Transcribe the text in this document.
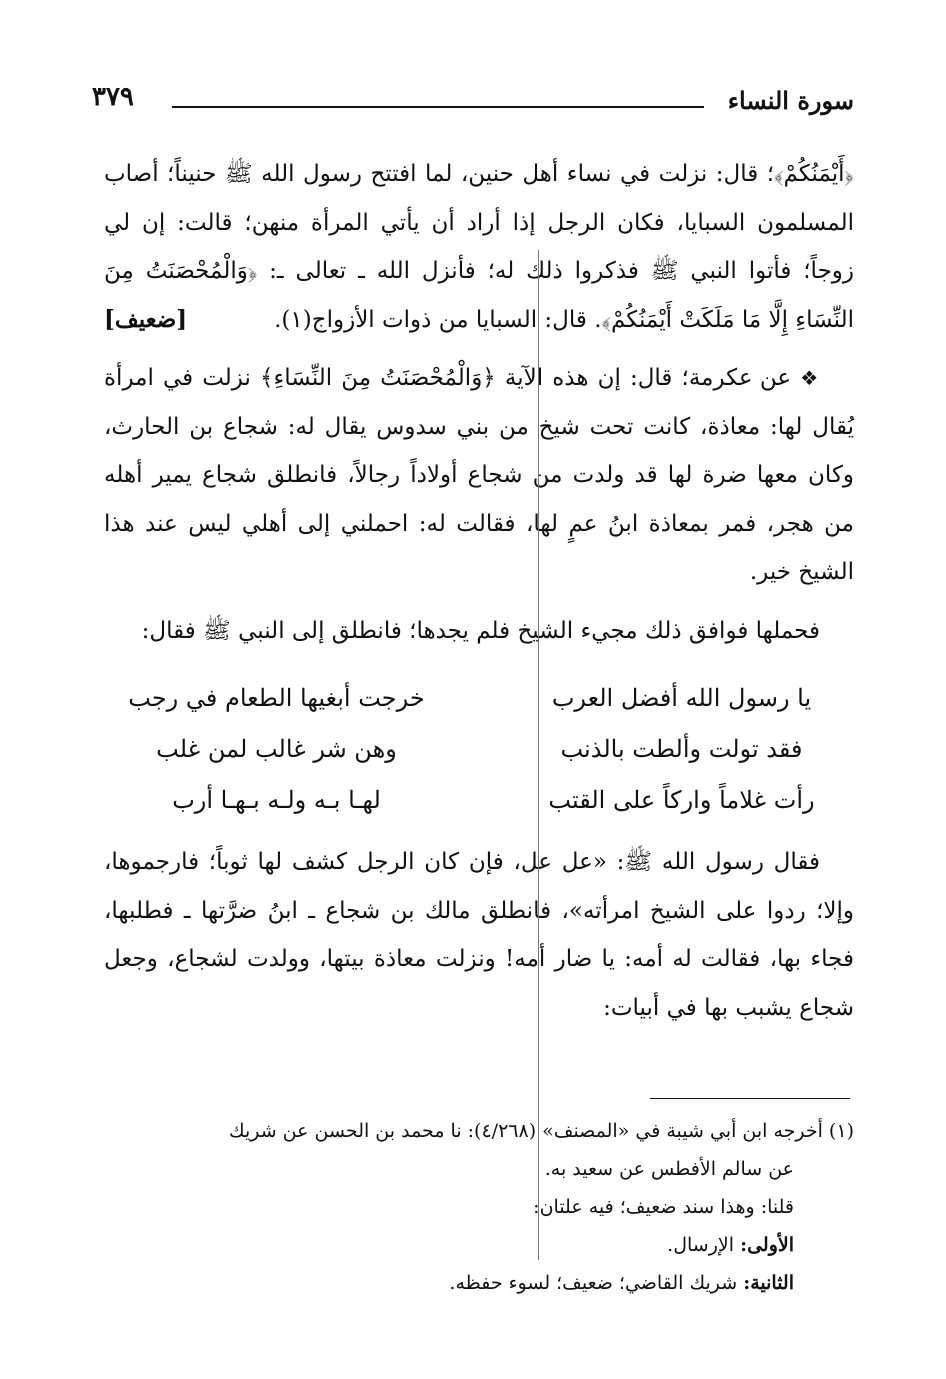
سورة النساء
٣٧٩

﴿أَيْمَنُكُمْ﴾؛ قال: نزلت في نساء أهل حنين، لما افتتح رسول الله ﷺ حنيناً؛ أصاب المسلمون السبايا، فكان الرجل إذا أراد أن يأتي المرأة منهن؛ قالت: إن لي زوجاً؛ فأتوا النبي ﷺ فذكروا ذلك له؛ فأنزل الله ـ تعالى ـ: ﴿وَالْمُحْصَنَتُ مِنَ النِّسَاءِ إِلَّا مَا مَلَكَتْ أَيْمَنُكُمْ﴾. قال: السبايا من ذوات الأزواج(١).
[ضعيف]

❖ عن عكرمة؛ قال: إن هذه الآية ﴿وَالْمُحْصَنَتُ مِنَ النِّسَاءِ﴾ نزلت في امرأة يُقال لها: معاذة، كانت تحت شيخ من بني سدوس يقال له: شجاع بن الحارث، وكان معها ضرة لها قد ولدت من شجاع أولاداً رجالاً، فانطلق شجاع يمير أهله من هجر، فمر بمعاذة ابنُ عمٍ لها، فقالت له: احملني إلى أهلي ليس عند هذا الشيخ خير.

فحملها فوافق ذلك مجيء الشيخ فلم يجدها؛ فانطلق إلى النبي ﷺ فقال:

يا رسول الله أفضل العرب
خرجت أبغيها الطعام في رجب
فقد تولت وألطت بالذنب
وهن شر غالب لمن غلب
رأت غلاماً واركاً على القتب
لهـا بـه ولـه بـهـا أرب

فقال رسول الله ﷺ: «عل عل، فإن كان الرجل كشف لها ثوباً؛ فارجموها، وإلا؛ ردوا على الشيخ امرأته»، فانطلق مالك بن شجاع ـ ابنُ ضرَّتها ـ فطلبها، فجاء بها، فقالت له أمه: يا ضار أمه! ونزلت معاذة بيتها، وولدت لشجاع، وجعل شجاع يشبب بها في أبيات:

(١) أخرجه ابن أبي شيبة في «المصنف» (٤/٢٦٨): نا محمد بن الحسن عن شريك
عن سالم الأفطس عن سعيد به.
قلنا: وهذا سند ضعيف؛ فيه علتان:
الأولى: الإرسال.
الثانية: شريك القاضي؛ ضعيف؛ لسوء حفظه.
